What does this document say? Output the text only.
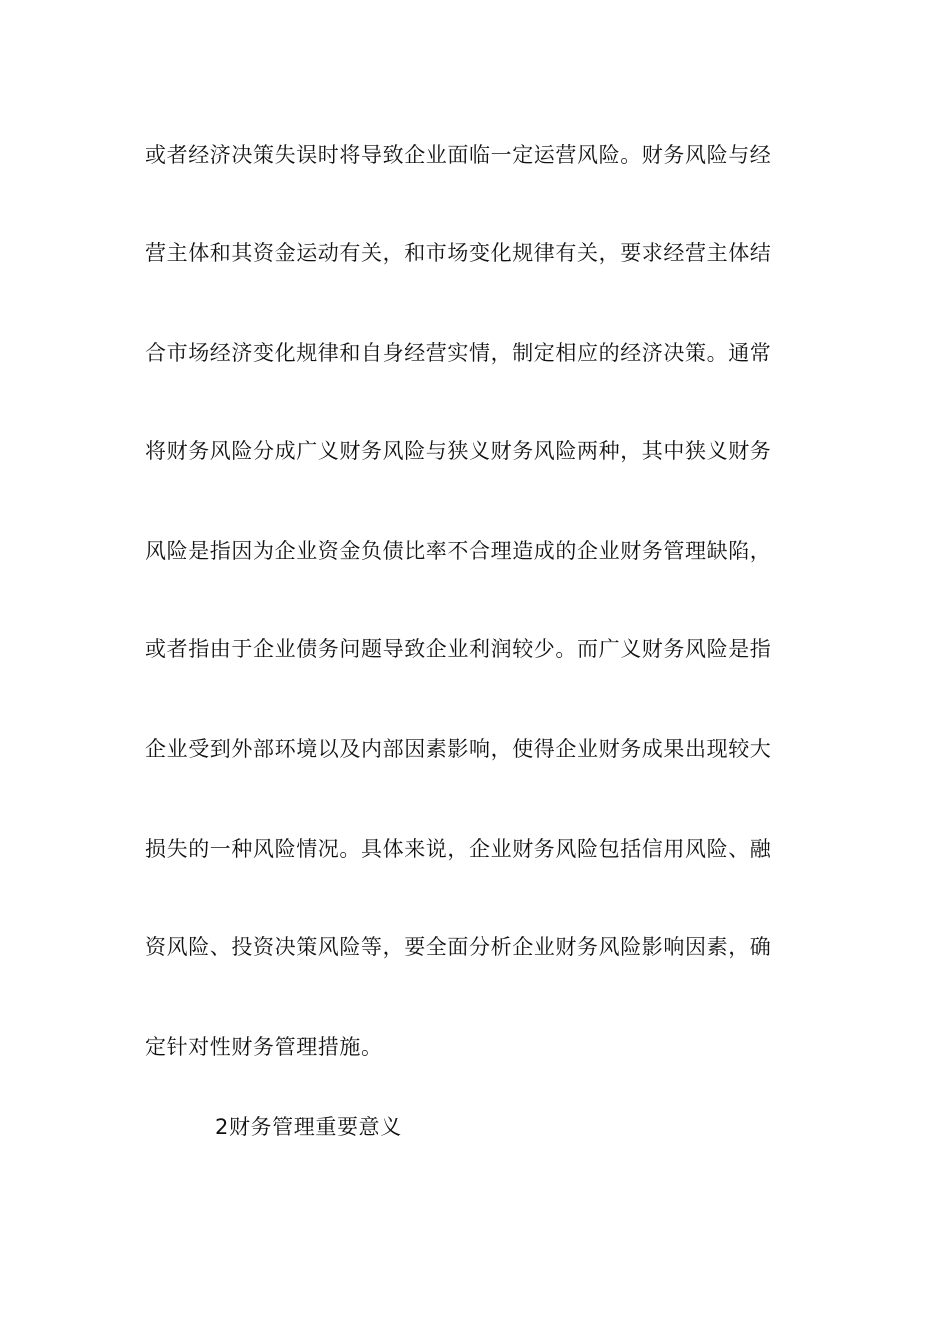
或者经济决策失误时将导致企业面临一定运营风险。财务风险与经
营主体和其资金运动有关，和市场变化规律有关，要求经营主体结
合市场经济变化规律和自身经营实情，制定相应的经济决策。通常
将财务风险分成广义财务风险与狭义财务风险两种，其中狭义财务
风险是指因为企业资金负债比率不合理造成的企业财务管理缺陷，
或者指由于企业债务问题导致企业利润较少。而广义财务风险是指
企业受到外部环境以及内部因素影响，使得企业财务成果出现较大
损失的一种风险情况。具体来说，企业财务风险包括信用风险、融
资风险、投资决策风险等，要全面分析企业财务风险影响因素，确
定针对性财务管理措施。
2财务管理重要意义
